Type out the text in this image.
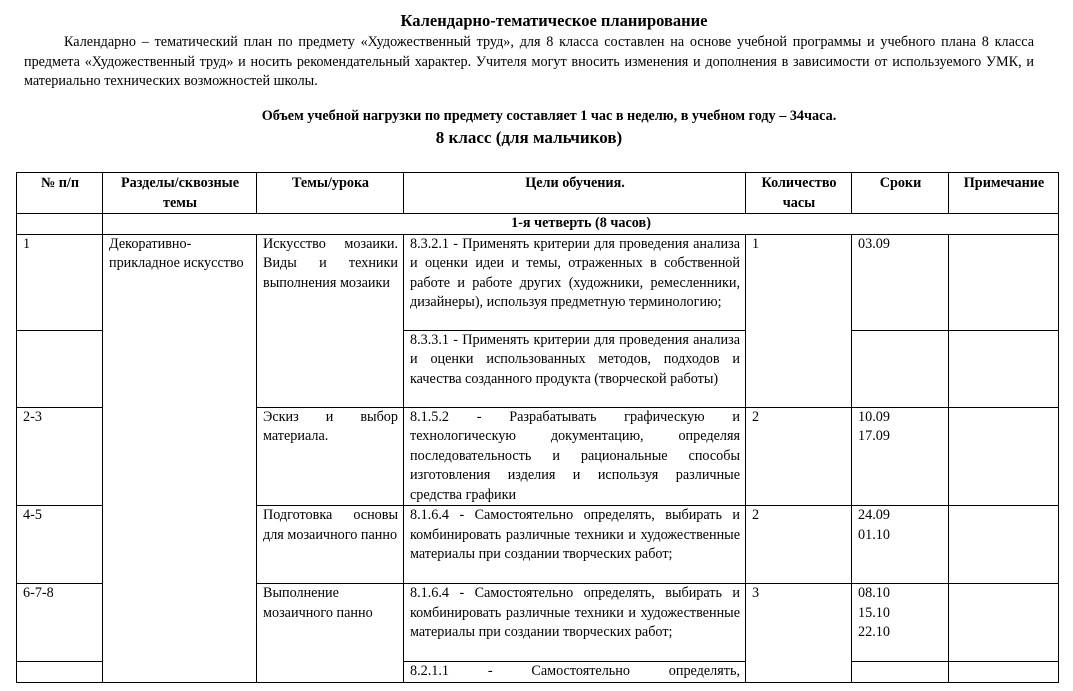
Календарно-тематическое планирование
Календарно – тематический план по предмету «Художественный труд», для 8 класса составлен на основе учебной программы и учебного плана 8 класса предмета «Художественный труд» и носить рекомендательный характер. Учителя могут вносить изменения и дополнения в зависимости от используемого УМК, и материально технических возможностей школы.
Объем учебной нагрузки по предмету составляет 1 час в неделю, в учебном году – 34часа.
8 класс (для мальчиков)
№ п/п	Разделы/сквозные темы	Темы/урока	Цели обучения.	Количество часы	Сроки	Примечание
	1-я четверть (8 часов)					
1	Декоративно-прикладное искусство	Искусство мозаики. Виды и техники выполнения мозаики	8.3.2.1 - Применять критерии для проведения анализа и оценки идеи и темы, отраженных в собственной работе и работе других (художники, ремесленники, дизайнеры), используя предметную терминологию;	1	03.09	
			8.3.3.1 - Применять критерии для проведения анализа и оценки использованных методов, подходов и качества созданного продукта (творческой работы)			
2-3		Эскиз и выбор материала.	8.1.5.2 - Разрабатывать графическую и технологическую документацию, определяя последовательность и рациональные способы изготовления изделия и используя различные средства графики	2	10.09
17.09	
4-5		Подготовка основы для мозаичного панно	8.1.6.4 - Самостоятельно определять, выбирать и комбинировать различные техники и художественные материалы при создании творческих работ;	2	24.09
01.10	
6-7-8		Выполнение мозаичного панно	8.1.6.4 - Самостоятельно определять, выбирать и комбинировать различные техники и художественные материалы при создании творческих работ;	3	08.10
15.10
22.10	
			8.2.1.1 - Самостоятельно определять,			
